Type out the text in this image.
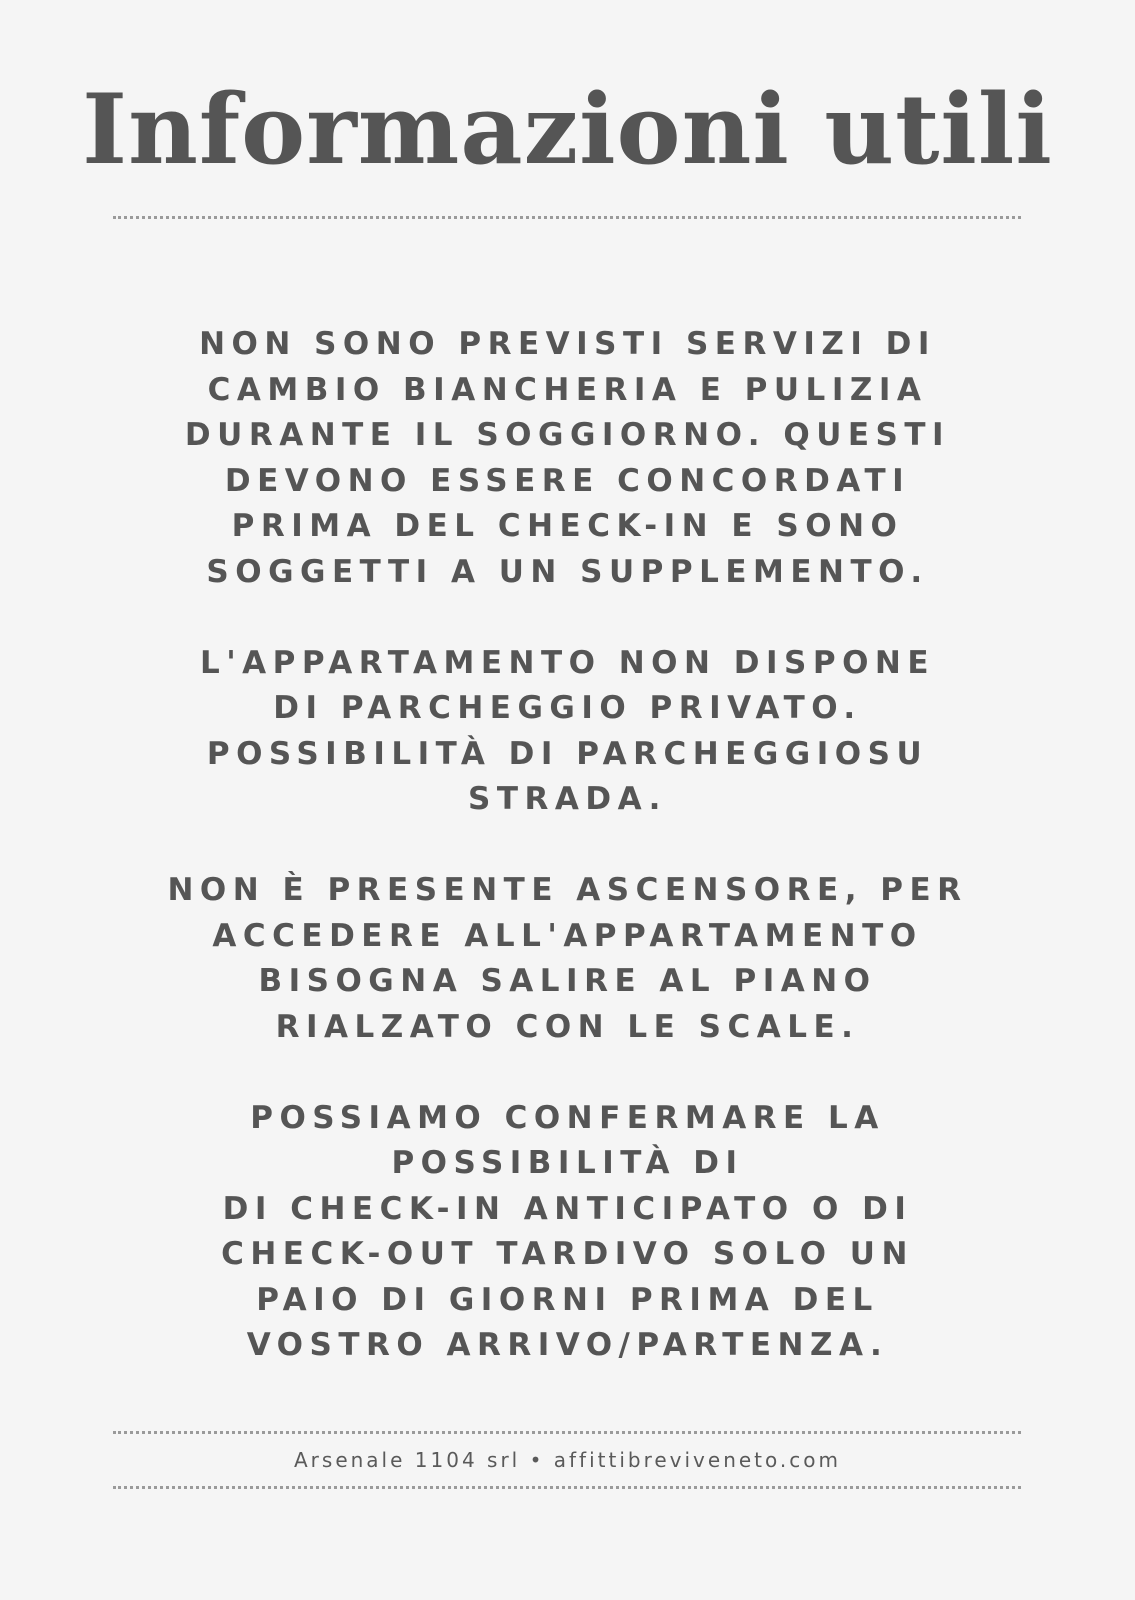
Informazioni utili

NON SONO PREVISTI SERVIZI DI
CAMBIO BIANCHERIA E PULIZIA
DURANTE IL SOGGIORNO. QUESTI
DEVONO ESSERE CONCORDATI
PRIMA DEL CHECK-IN E SONO
SOGGETTI A UN SUPPLEMENTO.

L'APPARTAMENTO NON DISPONE
DI PARCHEGGIO PRIVATO.
POSSIBILITÀ DI PARCHEGGIOSU
STRADA.

NON È PRESENTE ASCENSORE, PER
ACCEDERE ALL'APPARTAMENTO
BISOGNA SALIRE AL PIANO
RIALZATO CON LE SCALE.

POSSIAMO CONFERMARE LA
POSSIBILITÀ DI
DI CHECK-IN ANTICIPATO O DI
CHECK-OUT TARDIVO SOLO UN
PAIO DI GIORNI PRIMA DEL
VOSTRO ARRIVO/PARTENZA.

Arsenale 1104 srl • affittibreviveneto.com
